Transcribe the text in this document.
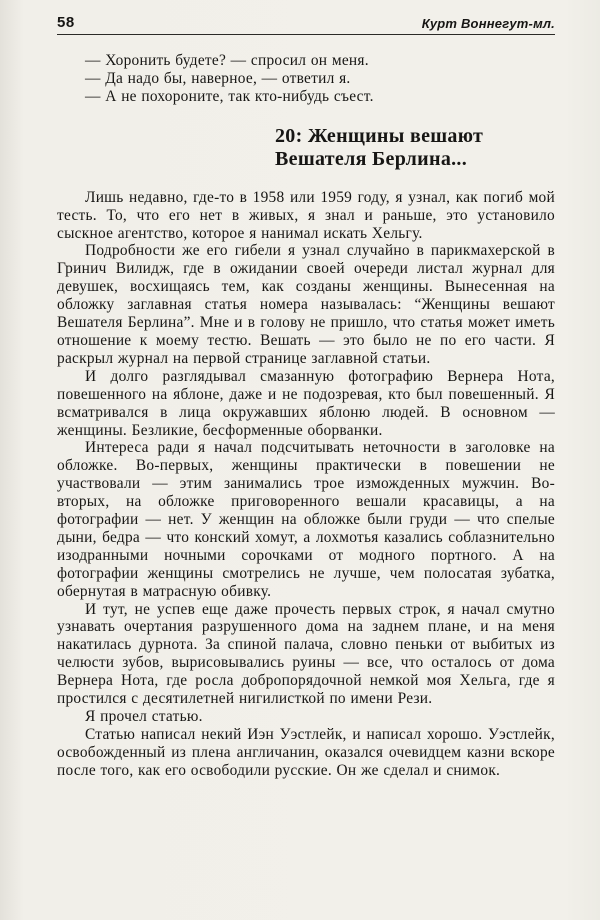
58	Курт Воннегут-мл.

— Хоронить будете? — спросил он меня.

— Да надо бы, наверное, — ответил я.

— А не похороните, так кто-нибудь съест.

20: Женщины вешают
Вешателя Берлина...

Лишь недавно, где-то в 1958 или 1959 году, я узнал, как погиб мой тесть. То, что его нет в живых, я знал и раньше, это установило сыскное агентство, которое я нанимал искать Хельгу.

Подробности же его гибели я узнал случайно в парикмахерской в Гринич Вилидж, где в ожидании своей очереди листал журнал для девушек, восхищаясь тем, как созданы женщины. Вынесенная на обложку заглавная статья номера называлась: “Женщины вешают Вешателя Берлина”. Мне и в голову не пришло, что статья может иметь отношение к моему тестю. Вешать — это было не по его части. Я раскрыл журнал на первой странице заглавной статьи.

И долго разглядывал смазанную фотографию Вернера Нота, повешенного на яблоне, даже и не подозревая, кто был повешенный. Я всматривался в лица окружавших яблоню людей. В основном — женщины. Безликие, бесформенные оборванки.

Интереса ради я начал подсчитывать неточности в заголовке на обложке. Во-первых, женщины практически в повешении не участвовали — этим занимались трое изможденных мужчин. Во-вторых, на обложке приговоренного вешали красавицы, а на фотографии — нет. У женщин на обложке были груди — что спелые дыни, бедра — что конский хомут, а лохмотья казались соблазнительно изодранными ночными сорочками от модного портного. А на фотографии женщины смотрелись не лучше, чем полосатая зубатка, обернутая в матрасную обивку.

И тут, не успев еще даже прочесть первых строк, я начал смутно узнавать очертания разрушенного дома на заднем плане, и на меня накатилась дурнота. За спиной палача, словно пеньки от выбитых из челюсти зубов, вырисовывались руины — все, что осталось от дома Вернера Нота, где росла добропорядочной немкой моя Хельга, где я простился с десятилетней нигилисткой по имени Рези.

Я прочел статью.

Статью написал некий Иэн Уэстлейк, и написал хорошо. Уэстлейк, освобожденный из плена англичанин, оказался очевидцем казни вскоре после того, как его освободили русские. Он же сделал и снимок.
